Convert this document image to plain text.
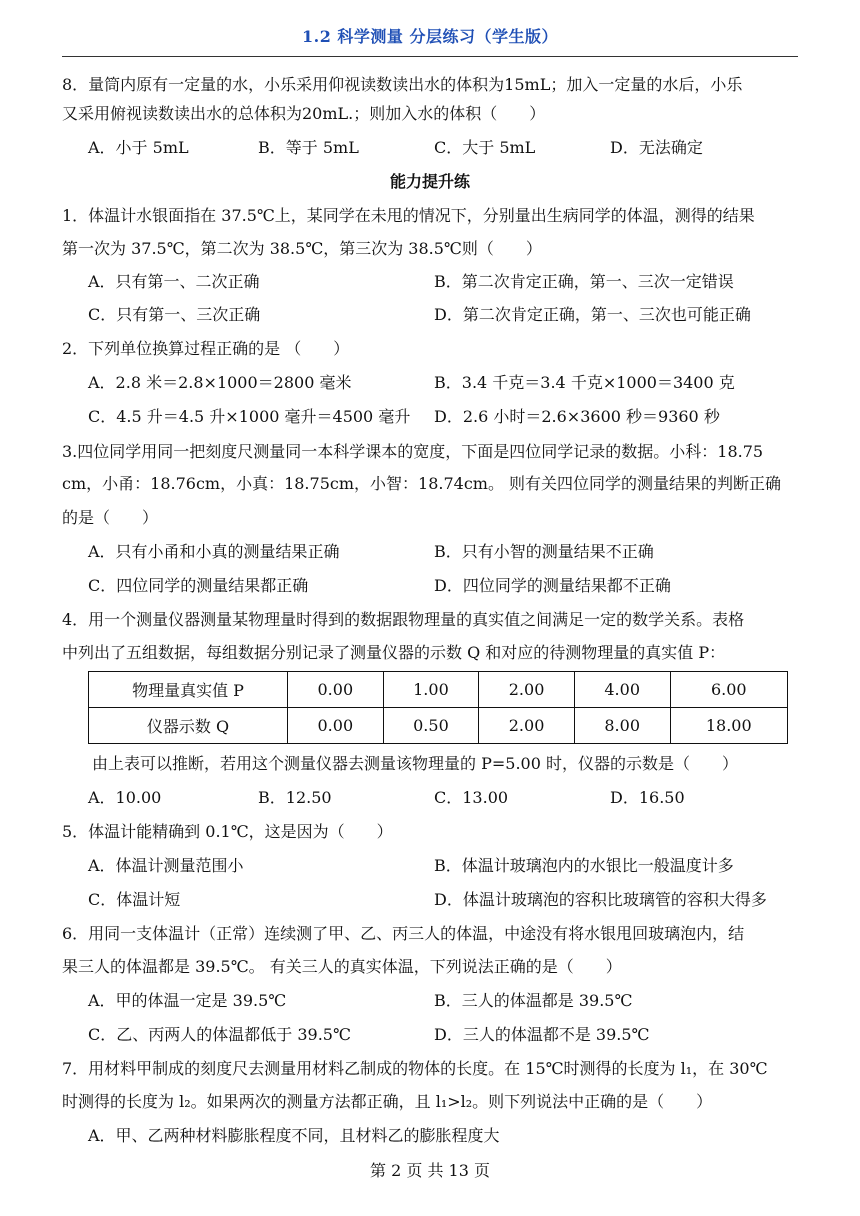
1.2 科学测量 分层练习（学生版）
8．量筒内原有一定量的水，小乐采用仰视读数读出水的体积为15mL；加入一定量的水后，小乐
又采用俯视读数读出水的总体积为20mL.；则加入水的体积（　　）
A．小于 5mL	B．等于 5mL	C．大于 5mL	D．无法确定
能力提升练
1．体温计水银面指在 37.5℃上，某同学在未甩的情况下，分别量出生病同学的体温，测得的结果
第一次为 37.5℃，第二次为 38.5℃，第三次为 38.5℃则（　　）
A．只有第一、二次正确	B．第二次肯定正确，第一、三次一定错误
C．只有第一、三次正确	D．第二次肯定正确，第一、三次也可能正确
2．下列单位换算过程正确的是 （　　）
A．2.8 米＝2.8×1000＝2800 毫米	B．3.4 千克＝3.4 千克×1000＝3400 克
C．4.5 升＝4.5 升×1000 毫升＝4500 毫升 D．2.6 小时＝2.6×3600 秒＝9360 秒
3.四位同学用同一把刻度尺测量同一本科学课本的宽度，下面是四位同学记录的数据。小科：18.75
cm，小甬：18.76cm，小真：18.75cm，小智：18.74cm。 则有关四位同学的测量结果的判断正确
的是（　　）
A．只有小甬和小真的测量结果正确	B．只有小智的测量结果不正确
C．四位同学的测量结果都正确	D．四位同学的测量结果都不正确
4．用一个测量仪器测量某物理量时得到的数据跟物理量的真实值之间满足一定的数学关系。表格
中列出了五组数据，每组数据分别记录了测量仪器的示数 Q 和对应的待测物理量的真实值 P：
物理量真实值 P	0.00	1.00	2.00	4.00	6.00
仪器示数 Q	0.00	0.50	2.00	8.00	18.00
由上表可以推断，若用这个测量仪器去测量该物理量的 P=5.00 时，仪器的示数是（　　）
A．10.00	B．12.50	C．13.00	D．16.50
5．体温计能精确到 0.1℃，这是因为（　　）
A．体温计测量范围小	B．体温计玻璃泡内的水银比一般温度计多
C．体温计短	D．体温计玻璃泡的容积比玻璃管的容积大得多
6．用同一支体温计（正常）连续测了甲、乙、丙三人的体温，中途没有将水银甩回玻璃泡内，结
果三人的体温都是 39.5℃。 有关三人的真实体温，下列说法正确的是（　　）
A．甲的体温一定是 39.5℃	B．三人的体温都是 39.5℃
C．乙、丙两人的体温都低于 39.5℃	D．三人的体温都不是 39.5℃
7．用材料甲制成的刻度尺去测量用材料乙制成的物体的长度。在 15℃时测得的长度为 l₁，在 30℃
时测得的长度为 l₂。如果两次的测量方法都正确，且 l₁>l₂。则下列说法中正确的是（　　）
A．甲、乙两种材料膨胀程度不同，且材料乙的膨胀程度大
第 2 页 共 13 页
